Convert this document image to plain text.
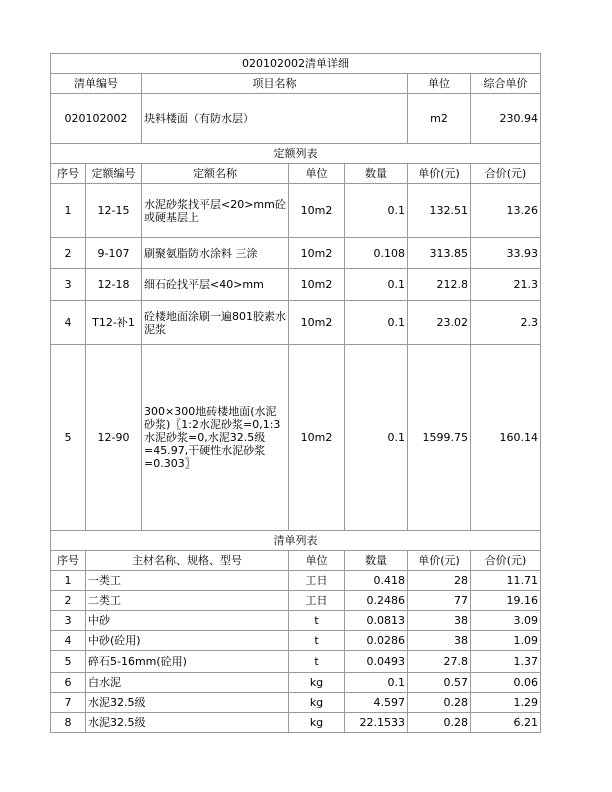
020102002清单详细						
清单编号		项目名称			单位	综合单价
020102002		块料楼面（有防水层）			m2	230.94
定额列表						
序号	定额编号	定额名称	单位	数量	单价(元)	合价(元)
1	12-15	水泥砂浆找平层<20>mm砼或硬基层上	10m2	0.1	132.51	13.26
2	9-107	刷聚氨脂防水涂料 三涂	10m2	0.108	313.85	33.93
3	12-18	细石砼找平层<40>mm	10m2	0.1	212.8	21.3
4	T12-补1	砼楼地面涂刷一遍801胶素水泥浆	10m2	0.1	23.02	2.3
5	12-90	300×300地砖楼地面(水泥砂浆)〖1:2水泥砂浆=0,1:3水泥砂浆=0,水泥32.5级=45.97,干硬性水泥砂浆=0.303〗	10m2	0.1	1599.75	160.14
清单列表						
序号	主材名称、规格、型号		单位	数量	单价(元)	合价(元)
1	一类工		工日	0.418	28	11.71
2	二类工		工日	0.2486	77	19.16
3	中砂		t	0.0813	38	3.09
4	中砂(砼用)		t	0.0286	38	1.09
5	碎石5-16mm(砼用)		t	0.0493	27.8	1.37
6	白水泥		kg	0.1	0.57	0.06
7	水泥32.5级		kg	4.597	0.28	1.29
8	水泥32.5级		kg	22.1533	0.28	6.21
